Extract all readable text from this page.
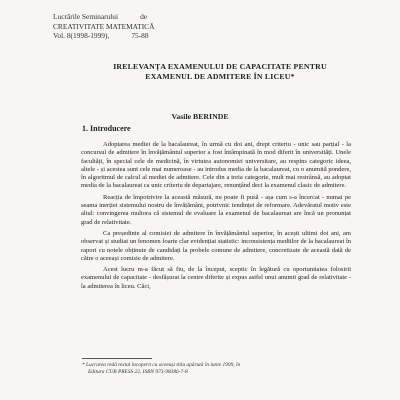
Lucrările Seminarului	de
CREATIVITATE MATEMATICĂ
Vol. 8(1998-1999),	75-88
IRELEVANȚA EXAMENULUI DE CAPACITATE PENTRU EXAMENUL DE ADMITERE ÎN LICEU*
Vasile BERINDE
1. Introducere

Adoptarea mediei de la bacalaureat, în urmă cu doi ani, drept criteriu - unic sau parțial - la concursul de admitere în învățământul superior a fost întâmpinată în mod diferit în universități. Unele facultăți, în special cele de medicină, în virtutea autonomiei universitare, au respins categoric ideea, altele - și acestea sunt cele mai numeroase - au introdus media de la bacalaureat, cu o anumită pondere, în algoritmul de calcul al mediei de admitere. Cele din a treia categorie, mult mai restrânsă, au adoptat media de la bacalaureat ca unic criteriu de departajare, renunțând deci la examenul clasic de admitere.

Reacția de împotrivire la această măsură, nu poate fi pusă - așa cum s-a încercat - numai pe seama inerției sistemului nostru de învățământ, potrivnic tendinței de reformare. Adevăratul motiv este altul: convingerea multora că sistemul de evaluare la examenul de bacalaureat are încă un pronunțat grad de relativitate.

Ca președinte al comisiei de admitere în învățământul superior, în acești ultimi doi ani, am observat și studiat un fenomen foarte clar evidențiat statistic: inconsistența mediilor de la bacalaureat în raport cu notele obținute de candidați la probele comune de admitere, concretizate de această dată de către o aceeași comisie de admitere.

Acest lucru m-a făcut să fiu, de la început, sceptic în legătură cu oportunitatea folosirii examenului de capacitate - desfășurat la centre diferite și expus astfel unui anumit grad de relativitate - la admiterea în liceu. Căci,

* Lucrarea redă textul încoperit cu aceeași titlu apărută în iunie 1999, în
Editura CUB PRESS 22, ISBN 973-98386-7-8
